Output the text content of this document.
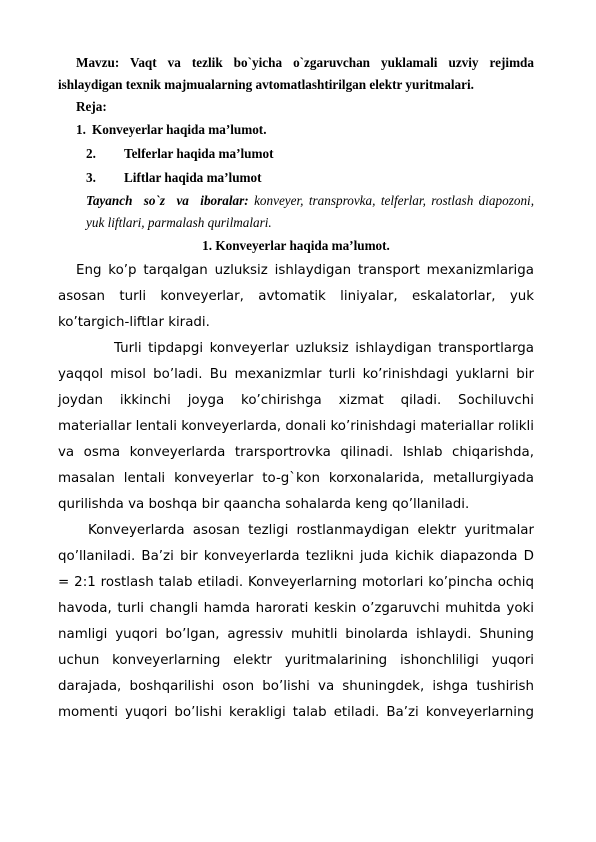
Mavzu: Vaqt va tezlik bo`yicha o`zgaruvchan yuklamali uzviy rejimda
ishlaydigan texnik majmualarning avtomatlashtirilgan elektr yuritmalari.

Reja:

1. Konveyerlar haqida ma’lumot.
2. Telferlar haqida ma’lumot
3. Liftlar haqida ma’lumot

Tayanch so`z va iboralar: konveyer, transprovka, telferlar, rostlash diapozoni, yuk liftlari, parmalash qurilmalari.

1. Konveyerlar haqida ma’lumot.

Eng ko’p tarqalgan uzluksiz ishlaydigan transport mexanizmlariga asosan turli konveyerlar, avtomatik liniyalar, eskalatorlar, yuk ko’targich-liftlar kiradi.

Turli tipdapgi konveyerlar uzluksiz ishlaydigan transportlarga yaqqol misol bo’ladi. Bu mexanizmlar turli ko’rinishdagi yuklarni bir joydan ikkinchi joyga ko’chirishga xizmat qiladi. Sochiluvchi materiallar lentali konveyerlarda, donali ko’rinishdagi materiallar rolikli va osma konveyerlarda trarsportrovka qilinadi. Ishlab chiqarishda, masalan lentali konveyerlar to-g`kon korxonalarida, metallurgiyada qurilishda va boshqa bir qaancha sohalarda keng qo’llaniladi.

Konveyerlarda asosan tezligi rostlanmaydigan elektr yuritmalar qo’llaniladi. Ba’zi bir konveyerlarda tezlikni juda kichik diapazonda D = 2:1 rostlash talab etiladi. Konveyerlarning motorlari ko’pincha ochiq havoda, turli changli hamda harorati keskin o’zgaruvchi muhitda yoki namligi yuqori bo’lgan, agressiv muhitli binolarda ishlaydi. Shuning uchun konveyerlarning elektr yuritmalarining ishonchliligi yuqori darajada, boshqarilishi oson bo’lishi va shuningdek, ishga tushirish momenti yuqori bo’lishi kerakligi talab etiladi. Ba’zi konveyerlarning
